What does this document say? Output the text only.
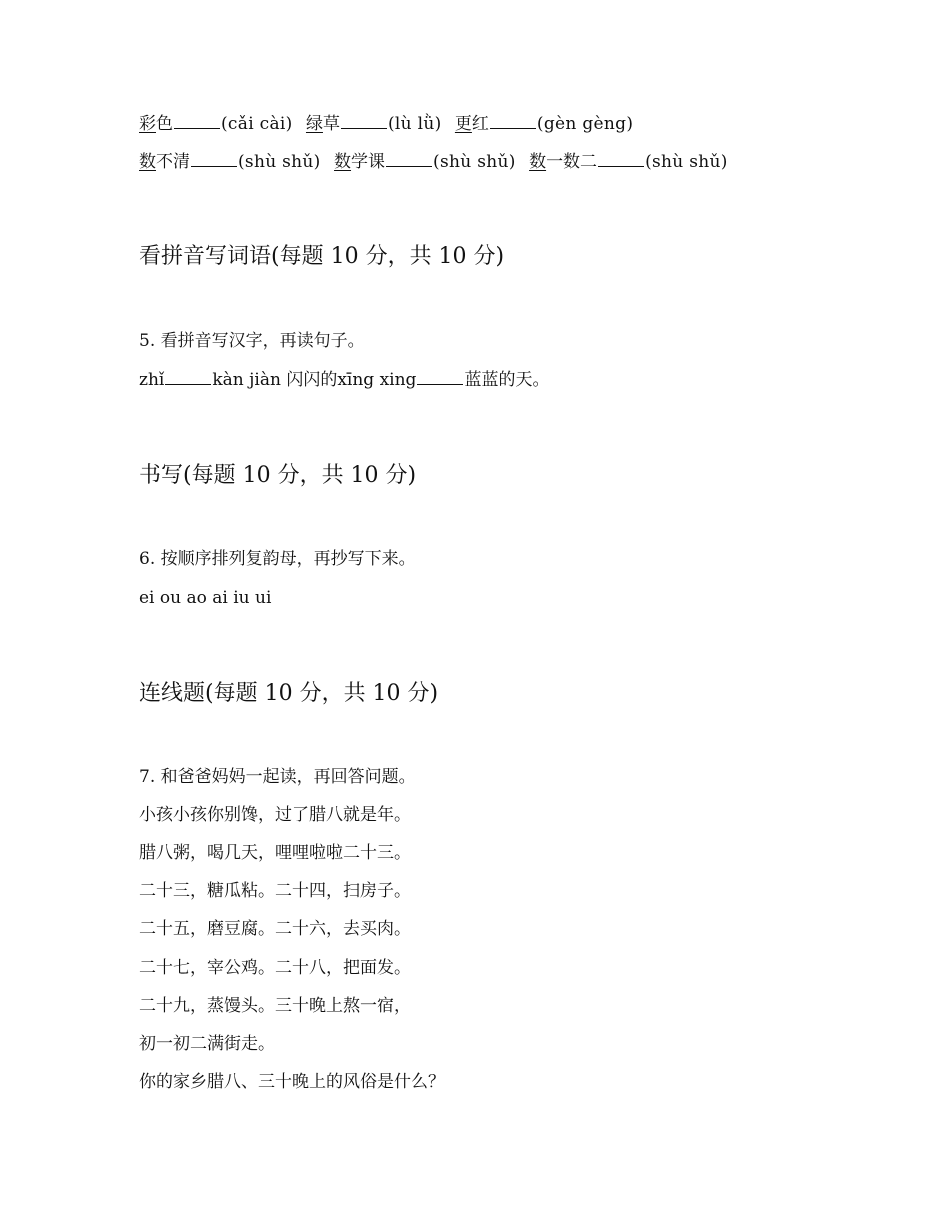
彩色	(cǎi cài) 绿草	(lù lǜ) 更红	(gèn gèng)
数不清	(shù shǔ) 数学课	(shù shǔ) 数一数二	(shù shǔ)
看拼音写词语(每题 10 分，共 10 分)
5. 看拼音写汉字，再读句子。
zhǐ	kàn jiàn 闪闪的xīng xing	蓝蓝的天。
书写(每题 10 分，共 10 分)
6. 按顺序排列复韵母，再抄写下来。
ei ou ao ai iu ui
连线题(每题 10 分，共 10 分)
7. 和爸爸妈妈一起读，再回答问题。
小孩小孩你别馋，过了腊八就是年。
腊八粥，喝几天，哩哩啦啦二十三。
二十三，糖瓜粘。二十四，扫房子。
二十五，磨豆腐。二十六，去买肉。
二十七，宰公鸡。二十八，把面发。
二十九，蒸馒头。三十晚上熬一宿，
初一初二满街走。
你的家乡腊八、三十晚上的风俗是什么？
